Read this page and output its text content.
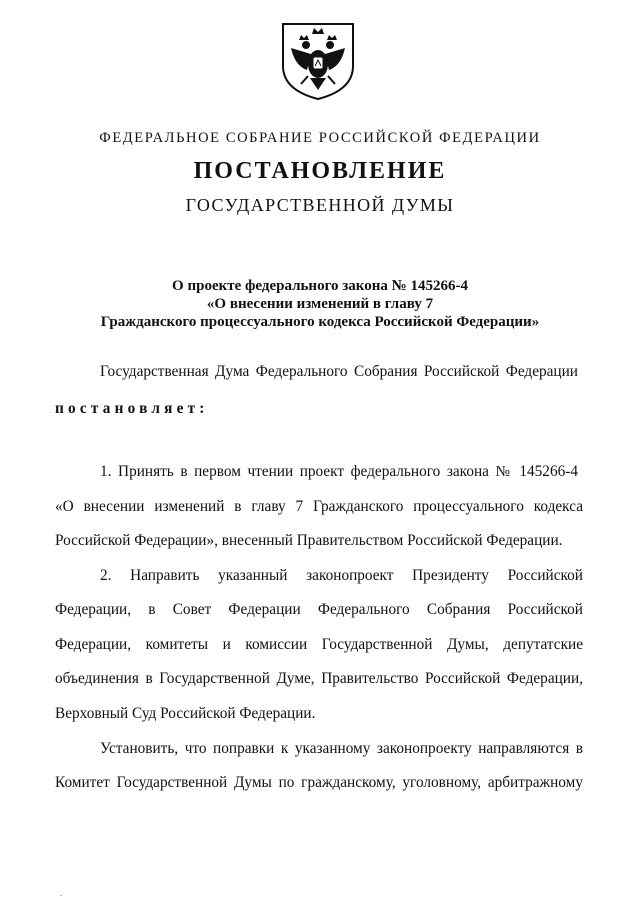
ФЕДЕРАЛЬНОЕ СОБРАНИЕ РОССИЙСКОЙ ФЕДЕРАЦИИ
ПОСТАНОВЛЕНИЕ
ГОСУДАРСТВЕННОЙ ДУМЫ
О проекте федерального закона № 145266-4
«О внесении изменений в главу 7
Гражданского процессуального кодекса Российской Федерации»
Государственная Дума Федерального Собрания Российской Федерации
постановляет:
1. Принять в первом чтении проект федерального закона № 145266-4
«О внесении изменений в главу 7 Гражданского процессуального кодекса
Российской Федерации», внесенный Правительством Российской Федерации.
2. Направить указанный законопроект Президенту Российской
Федерации, в Совет Федерации Федерального Собрания Российской
Федерации, комитеты и комиссии Государственной Думы, депутатские
объединения в Государственной Думе, Правительство Российской Федерации,
Верховный Суд Российской Федерации.
Установить, что поправки к указанному законопроекту направляются в
Комитет Государственной Думы по гражданскому, уголовному, арбитражному
.
